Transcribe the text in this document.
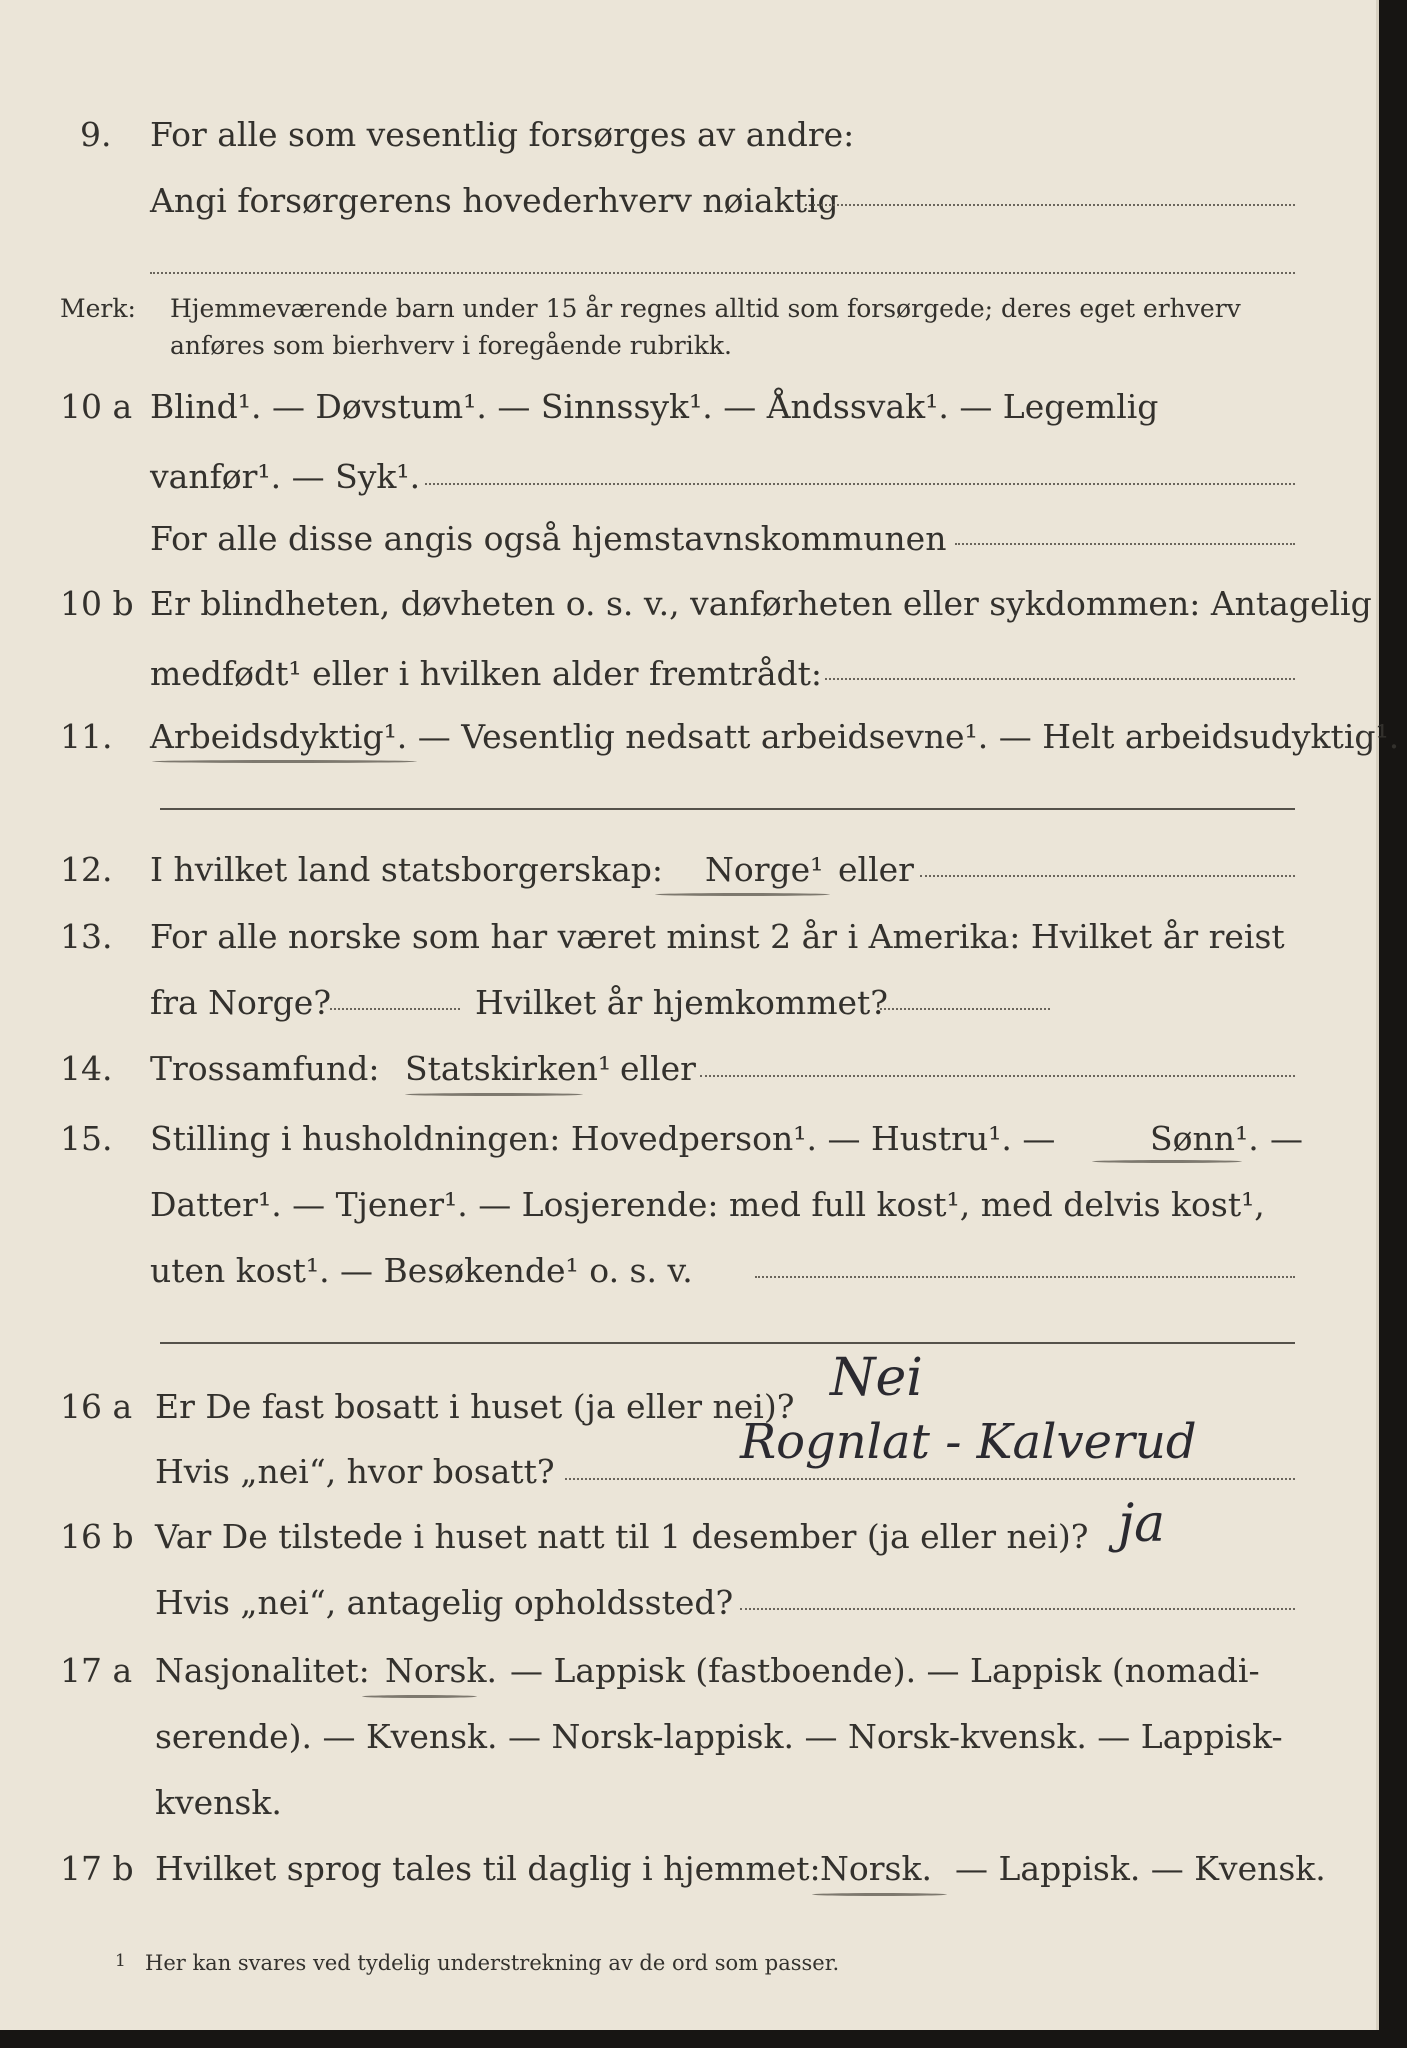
9. For alle som vesentlig forsørges av andre:
Angi forsørgerens hovederhverv nøiaktig
Merk: Hjemmeværende barn under 15 år regnes alltid som forsørgede; deres eget erhverv
anføres som bierhverv i foregående rubrikk.
10 a Blind¹. — Døvstum¹. — Sinnssyk¹. — Åndssvak¹. — Legemlig
vanfør¹. — Syk¹.
For alle disse angis også hjemstavnskommunen
10 b Er blindheten, døvheten o. s. v., vanførheten eller sykdommen: Antagelig
medfødt¹ eller i hvilken alder fremtrådt:
11. Arbeidsdyktig¹. — Vesentlig nedsatt arbeidsevne¹. — Helt arbeidsudyktig¹.
12. I hvilket land statsborgerskap: Norge¹ eller
13. For alle norske som har været minst 2 år i Amerika: Hvilket år reist
fra Norge?	Hvilket år hjemkommet?
14. Trossamfund: Statskirken¹ eller
15. Stilling i husholdningen: Hovedperson¹. — Hustru¹. —	Sønn¹. —
Datter¹. — Tjener¹. — Losjerende: med full kost¹, med delvis kost¹,
uten kost¹. — Besøkende¹ o. s. v.
16 a Er De fast bosatt i huset (ja eller nei)? Nei
Hvis „nei“, hvor bosatt?
Rognlat - Kalverud
16 b Var De tilstede i huset natt til 1 desember (ja eller nei)? ja
Hvis „nei“, antagelig opholdssted?
17 a Nasjonalitet: Norsk. — Lappisk (fastboende). — Lappisk (nomadi-
serende). — Kvensk. — Norsk-lappisk. — Norsk-kvensk. — Lappisk-
kvensk.
17 b Hvilket sprog tales til daglig i hjemmet: Norsk. — Lappisk. — Kvensk.
1 Her kan svares ved tydelig understrekning av de ord som passer.
